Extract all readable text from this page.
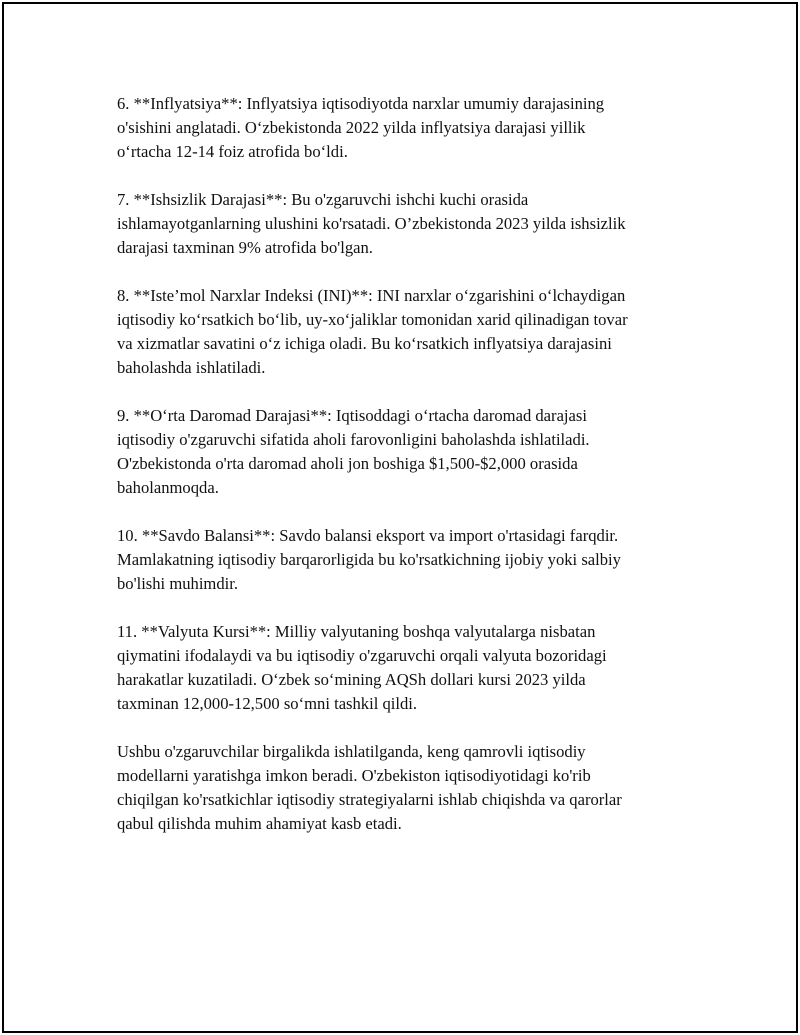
6. **Inflyatsiya**: Inflyatsiya iqtisodiyotda narxlar umumiy darajasining
o'sishini anglatadi. O‘zbekistonda 2022 yilda inflyatsiya darajasi yillik
o‘rtacha 12-14 foiz atrofida bo‘ldi.

7. **Ishsizlik Darajasi**: Bu o'zgaruvchi ishchi kuchi orasida
ishlamayotganlarning ulushini ko'rsatadi. O’zbekistonda 2023 yilda ishsizlik
darajasi taxminan 9% atrofida bo'lgan.

8. **Iste’mol Narxlar Indeksi (INI)**: INI narxlar o‘zgarishini o‘lchaydigan
iqtisodiy ko‘rsatkich bo‘lib, uy-xo‘jaliklar tomonidan xarid qilinadigan tovar
va xizmatlar savatini o‘z ichiga oladi. Bu ko‘rsatkich inflyatsiya darajasini
baholashda ishlatiladi.

9. **O‘rta Daromad Darajasi**: Iqtisoddagi o‘rtacha daromad darajasi
iqtisodiy o'zgaruvchi sifatida aholi farovonligini baholashda ishlatiladi.
O'zbekistonda o'rta daromad aholi jon boshiga $1,500-$2,000 orasida
baholanmoqda.

10. **Savdo Balansi**: Savdo balansi eksport va import o'rtasidagi farqdir.
Mamlakatning iqtisodiy barqarorligida bu ko'rsatkichning ijobiy yoki salbiy
bo'lishi muhimdir.

11. **Valyuta Kursi**: Milliy valyutaning boshqa valyutalarga nisbatan
qiymatini ifodalaydi va bu iqtisodiy o'zgaruvchi orqali valyuta bozoridagi
harakatlar kuzatiladi. O‘zbek so‘mining AQSh dollari kursi 2023 yilda
taxminan 12,000-12,500 so‘mni tashkil qildi.

Ushbu o'zgaruvchilar birgalikda ishlatilganda, keng qamrovli iqtisodiy
modellarni yaratishga imkon beradi. O'zbekiston iqtisodiyotidagi ko'rib
chiqilgan ko'rsatkichlar iqtisodiy strategiyalarni ishlab chiqishda va qarorlar
qabul qilishda muhim ahamiyat kasb etadi.
